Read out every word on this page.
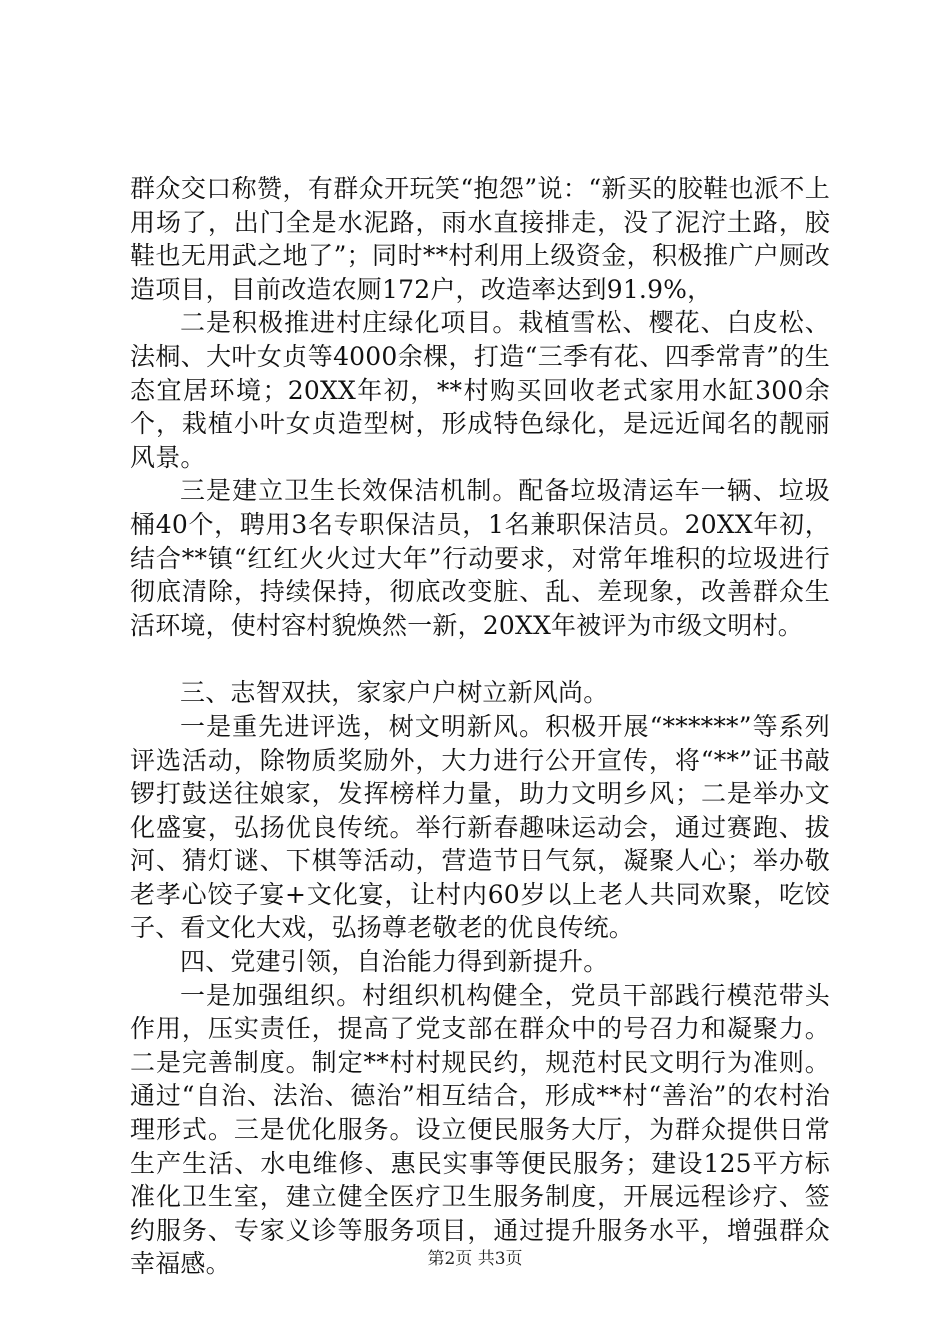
群众交口称赞，有群众开玩笑“抱怨”说：“新买的胶鞋也派不上用场了，出门全是水泥路，雨水直接排走，没了泥泞土路，胶鞋也无用武之地了”；同时**村利用上级资金，积极推广户厕改造项目，目前改造农厕172户，改造率达到91.9%，

二是积极推进村庄绿化项目。栽植雪松、樱花、白皮松、法桐、大叶女贞等4000余棵，打造“三季有花、四季常青”的生态宜居环境；20XX年初，**村购买回收老式家用水缸300余个，栽植小叶女贞造型树，形成特色绿化，是远近闻名的靓丽风景。

三是建立卫生长效保洁机制。配备垃圾清运车一辆、垃圾桶40个，聘用3名专职保洁员，1名兼职保洁员。20XX年初，结合**镇“红红火火过大年”行动要求，对常年堆积的垃圾进行彻底清除，持续保持，彻底改变脏、乱、差现象，改善群众生活环境，使村容村貌焕然一新，20XX年被评为市级文明村。

三、志智双扶，家家户户树立新风尚。

一是重先进评选，树文明新风。积极开展“******”等系列评选活动，除物质奖励外，大力进行公开宣传，将“**”证书敲锣打鼓送往娘家，发挥榜样力量，助力文明乡风；二是举办文化盛宴，弘扬优良传统。举行新春趣味运动会，通过赛跑、拔河、猜灯谜、下棋等活动，营造节日气氛，凝聚人心；举办敬老孝心饺子宴+文化宴，让村内60岁以上老人共同欢聚，吃饺子、看文化大戏，弘扬尊老敬老的优良传统。

四、党建引领，自治能力得到新提升。

一是加强组织。村组织机构健全，党员干部践行模范带头作用，压实责任，提高了党支部在群众中的号召力和凝聚力。二是完善制度。制定**村村规民约，规范村民文明行为准则。通过“自治、法治、德治”相互结合，形成**村“善治”的农村治理形式。三是优化服务。设立便民服务大厅，为群众提供日常生产生活、水电维修、惠民实事等便民服务；建设125平方标准化卫生室，建立健全医疗卫生服务制度，开展远程诊疗、签约服务、专家义诊等服务项目，通过提升服务水平，增强群众幸福感。	第2页 共3页
